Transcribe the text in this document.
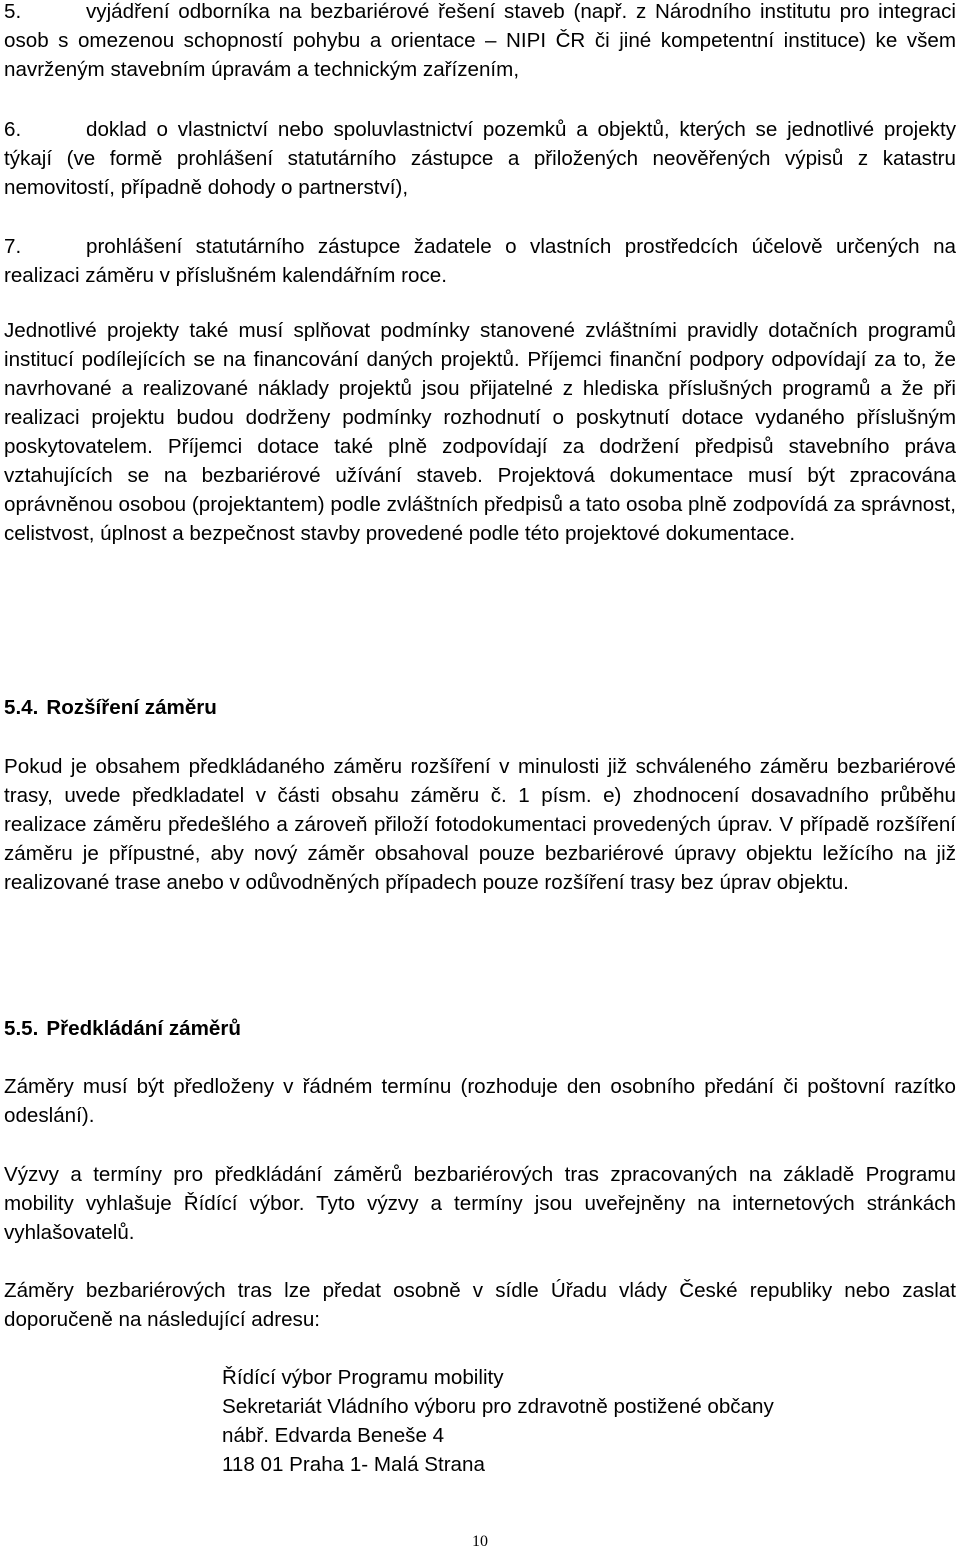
5.	vyjádření odborníka na bezbariérové řešení staveb (např. z Národního institutu pro integraci osob s omezenou schopností pohybu a orientace – NIPI ČR či jiné kompetentní instituce) ke všem navrženým stavebním úpravám a technickým zařízením,
6.	doklad o vlastnictví nebo spoluvlastnictví pozemků a objektů, kterých se jednotlivé projekty týkají (ve formě prohlášení statutárního zástupce a přiložených neověřených výpisů z katastru nemovitostí, případně dohody o partnerství),
7.	prohlášení statutárního zástupce žadatele o vlastních prostředcích účelově určených na realizaci záměru v příslušném kalendářním roce.

Jednotlivé projekty také musí splňovat podmínky stanovené zvláštními pravidly dotačních programů institucí podílejících se na financování daných projektů. Příjemci finanční podpory odpovídají za to, že navrhované a realizované náklady projektů jsou přijatelné z hlediska příslušných programů a že při realizaci projektu budou dodrženy podmínky rozhodnutí o poskytnutí dotace vydaného příslušným poskytovatelem. Příjemci dotace také plně zodpovídají za dodržení předpisů stavebního práva vztahujících se na bezbariérové užívání staveb. Projektová dokumentace musí být zpracována oprávněnou osobou (projektantem) podle zvláštních předpisů a tato osoba plně zodpovídá za správnost, celistvost, úplnost a bezpečnost stavby provedené podle této projektové dokumentace.

5.4. Rozšíření záměru

Pokud je obsahem předkládaného záměru rozšíření v minulosti již schváleného záměru bezbariérové trasy, uvede předkladatel v části obsahu záměru č. 1 písm. e) zhodnocení dosavadního průběhu realizace záměru předešlého a zároveň přiloží fotodokumentaci provedených úprav. V případě rozšíření záměru je přípustné, aby nový záměr obsahoval pouze bezbariérové úpravy objektu ležícího na již realizované trase anebo v odůvodněných případech pouze rozšíření trasy bez úprav objektu.

5.5. Předkládání záměrů

Záměry musí být předloženy v řádném termínu (rozhoduje den osobního předání či poštovní razítko odeslání).

Výzvy a termíny pro předkládání záměrů bezbariérových tras zpracovaných na základě Programu mobility vyhlašuje Řídící výbor. Tyto výzvy a termíny jsou uveřejněny na internetových stránkách vyhlašovatelů.

Záměry bezbariérových tras lze předat osobně v sídle Úřadu vlády České republiky nebo zaslat doporučeně na následující adresu:

Řídící výbor Programu mobility
Sekretariát Vládního výboru pro zdravotně postižené občany
nábř. Edvarda Beneše 4
118 01 Praha 1- Malá Strana
10
